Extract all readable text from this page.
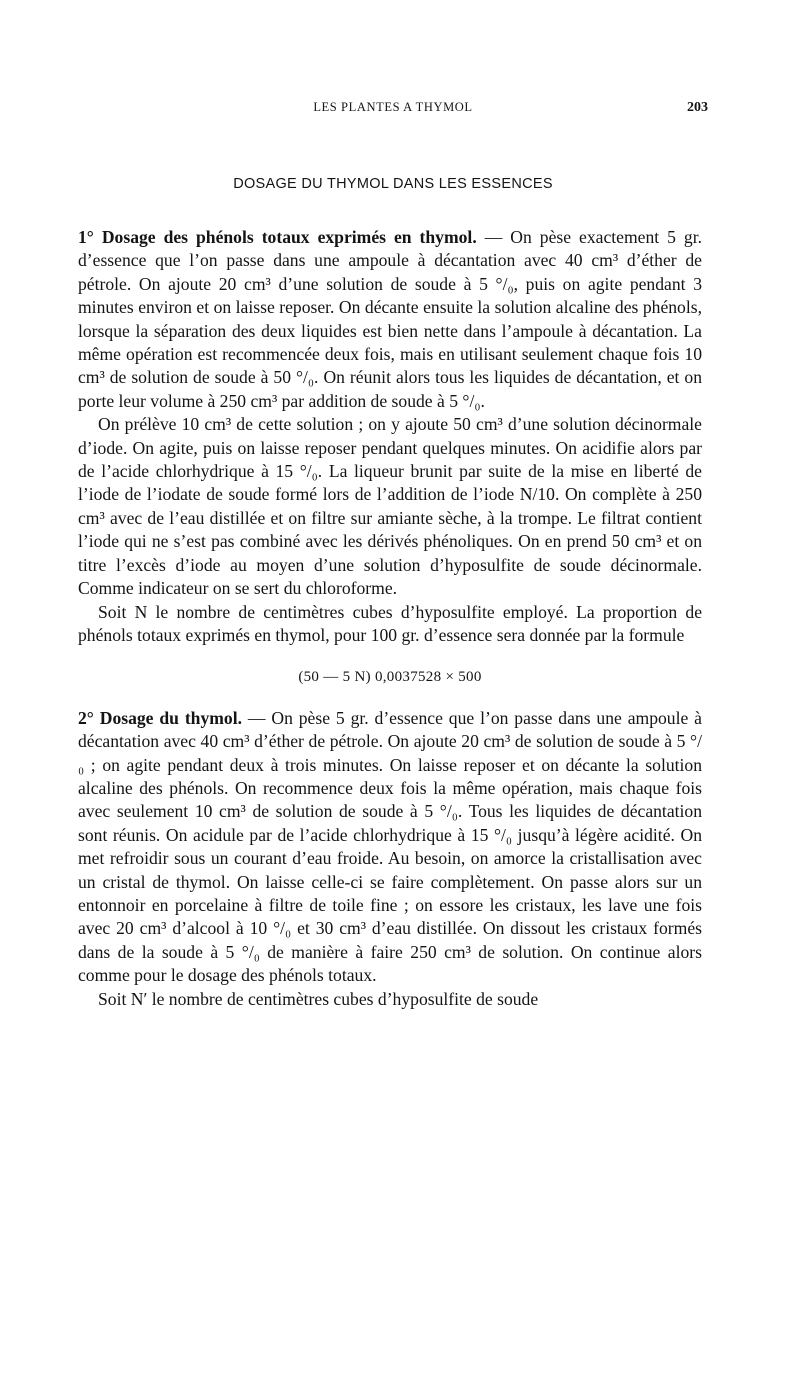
LES PLANTES A THYMOL	203
DOSAGE DU THYMOL DANS LES ESSENCES

1° Dosage des phénols totaux exprimés en thymol. — On pèse exactement 5 gr. d’essence que l’on passe dans une ampoule à décantation avec 40 cm³ d’éther de pétrole. On ajoute 20 cm³ d’une solution de soude à 5 °/₀, puis on agite pendant 3 minutes environ et on laisse reposer. On décante ensuite la solution alcaline des phénols, lorsque la séparation des deux liquides est bien nette dans l’ampoule à décantation. La même opération est recommencée deux fois, mais en utilisant seulement chaque fois 10 cm³ de solution de soude à 50 °/₀. On réunit alors tous les liquides de décantation, et on porte leur volume à 250 cm³ par addition de soude à 5 °/₀.

On prélève 10 cm³ de cette solution ; on y ajoute 50 cm³ d’une solution décinormale d’iode. On agite, puis on laisse reposer pendant quelques minutes. On acidifie alors par de l’acide chlorhydrique à 15 °/₀. La liqueur brunit par suite de la mise en liberté de l’iode de l’iodate de soude formé lors de l’addition de l’iode N/10. On complète à 250 cm³ avec de l’eau distillée et on filtre sur amiante sèche, à la trompe. Le filtrat contient l’iode qui ne s’est pas combiné avec les dérivés phénoliques. On en prend 50 cm³ et on titre l’excès d’iode au moyen d’une solution d’hyposulfite de soude décinormale. Comme indicateur on se sert du chloroforme.

Soit N le nombre de centimètres cubes d’hyposulfite employé. La proportion de phénols totaux exprimés en thymol, pour 100 gr. d’essence sera donnée par la formule

(50 — 5 N) 0,0037528 × 500

2° Dosage du thymol. — On pèse 5 gr. d’essence que l’on passe dans une ampoule à décantation avec 40 cm³ d’éther de pétrole. On ajoute 20 cm³ de solution de soude à 5 °/₀ ; on agite pendant deux à trois minutes. On laisse reposer et on décante la solution alcaline des phénols. On recommence deux fois la même opération, mais chaque fois avec seulement 10 cm³ de solution de soude à 5 °/₀. Tous les liquides de décantation sont réunis. On acidule par de l’acide chlorhydrique à 15 °/₀ jusqu’à légère acidité. On met refroidir sous un courant d’eau froide. Au besoin, on amorce la cristallisation avec un cristal de thymol. On laisse celle-ci se faire complètement. On passe alors sur un entonnoir en porcelaine à filtre de toile fine ; on essore les cristaux, les lave une fois avec 20 cm³ d’alcool à 10 °/₀ et 30 cm³ d’eau distillée. On dissout les cristaux formés dans de la soude à 5 °/₀ de manière à faire 250 cm³ de solution. On continue alors comme pour le dosage des phénols totaux.

Soit N′ le nombre de centimètres cubes d’hyposulfite de soude
